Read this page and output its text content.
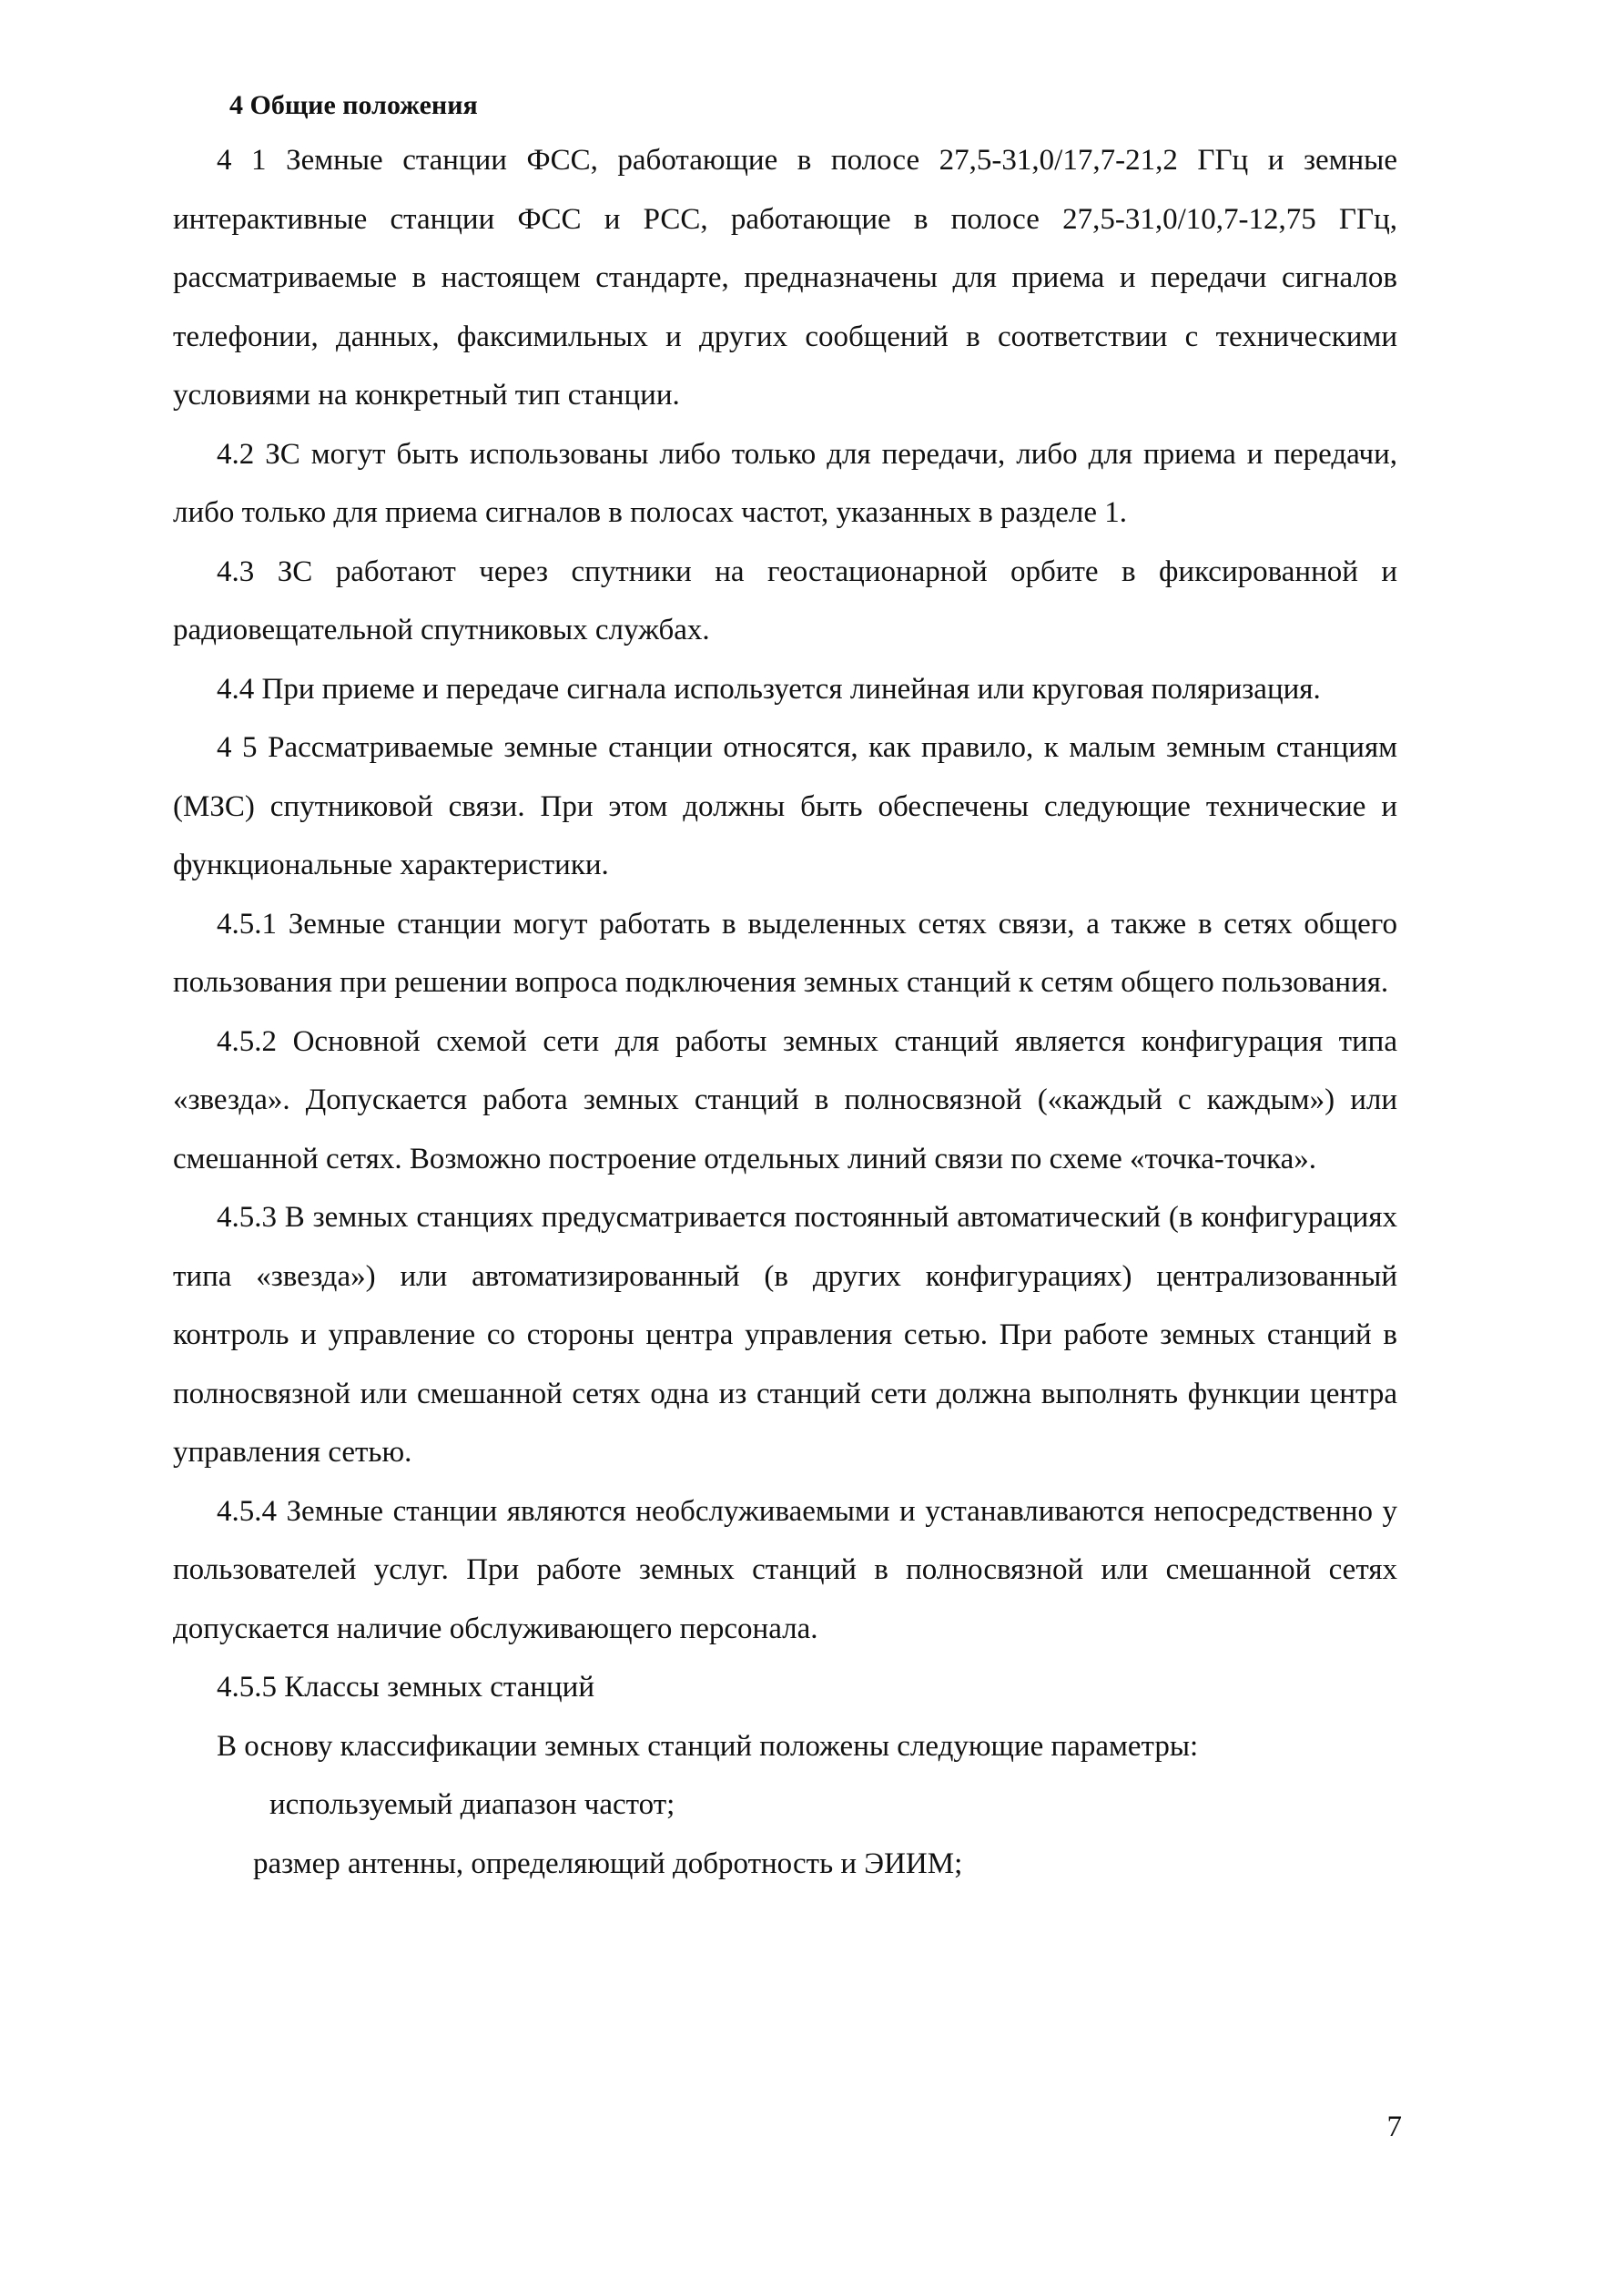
4 Общие положения

4 1 Земные станции ФСС, работающие в полосе 27,5-31,0/17,7-21,2 ГГц и земные интерактивные станции ФСС и РСС, работающие в полосе 27,5-31,0/10,7-12,75 ГГц, рассматриваемые в настоящем стандарте, предназначены для приема и передачи сигналов телефонии, данных, факсимильных и других сообщений в соответствии с техническими условиями на конкретный тип станции.

4.2 ЗС могут быть использованы либо только для передачи, либо для приема и передачи, либо только для приема сигналов в полосах частот, указанных в разделе 1.

4.3 ЗС работают через спутники на геостационарной орбите в фиксированной и радиовещательной спутниковых службах.

4.4 При приеме и передаче сигнала используется линейная или круговая поляризация.

4 5 Рассматриваемые земные станции относятся, как правило, к малым земным станциям (МЗС) спутниковой связи. При этом должны быть обеспечены следующие технические и функциональные характеристики.

4.5.1 Земные станции могут работать в выделенных сетях связи, а также в сетях общего пользования при решении вопроса подключения земных станций к сетям общего пользования.

4.5.2 Основной схемой сети для работы земных станций является конфигурация типа «звезда». Допускается работа земных станций в полносвязной («каждый с каждым») или смешанной сетях. Возможно построение отдельных линий связи по схеме «точка-точка».

4.5.3 В земных станциях предусматривается постоянный автоматический (в конфигурациях типа «звезда») или автоматизированный (в других конфигурациях) централизованный контроль и управление со стороны центра управления сетью. При работе земных станций в полносвязной или смешанной сетях одна из станций сети должна выполнять функции центра управления сетью.

4.5.4 Земные станции являются необслуживаемыми и устанавливаются непосредственно у пользователей услуг. При работе земных станций в полносвязной или смешанной сетях допускается наличие обслуживающего персонала.

4.5.5 Классы земных станций

В основу классификации земных станций положены следующие параметры:

используемый диапазон частот;

размер антенны, определяющий добротность и ЭИИМ;

7
